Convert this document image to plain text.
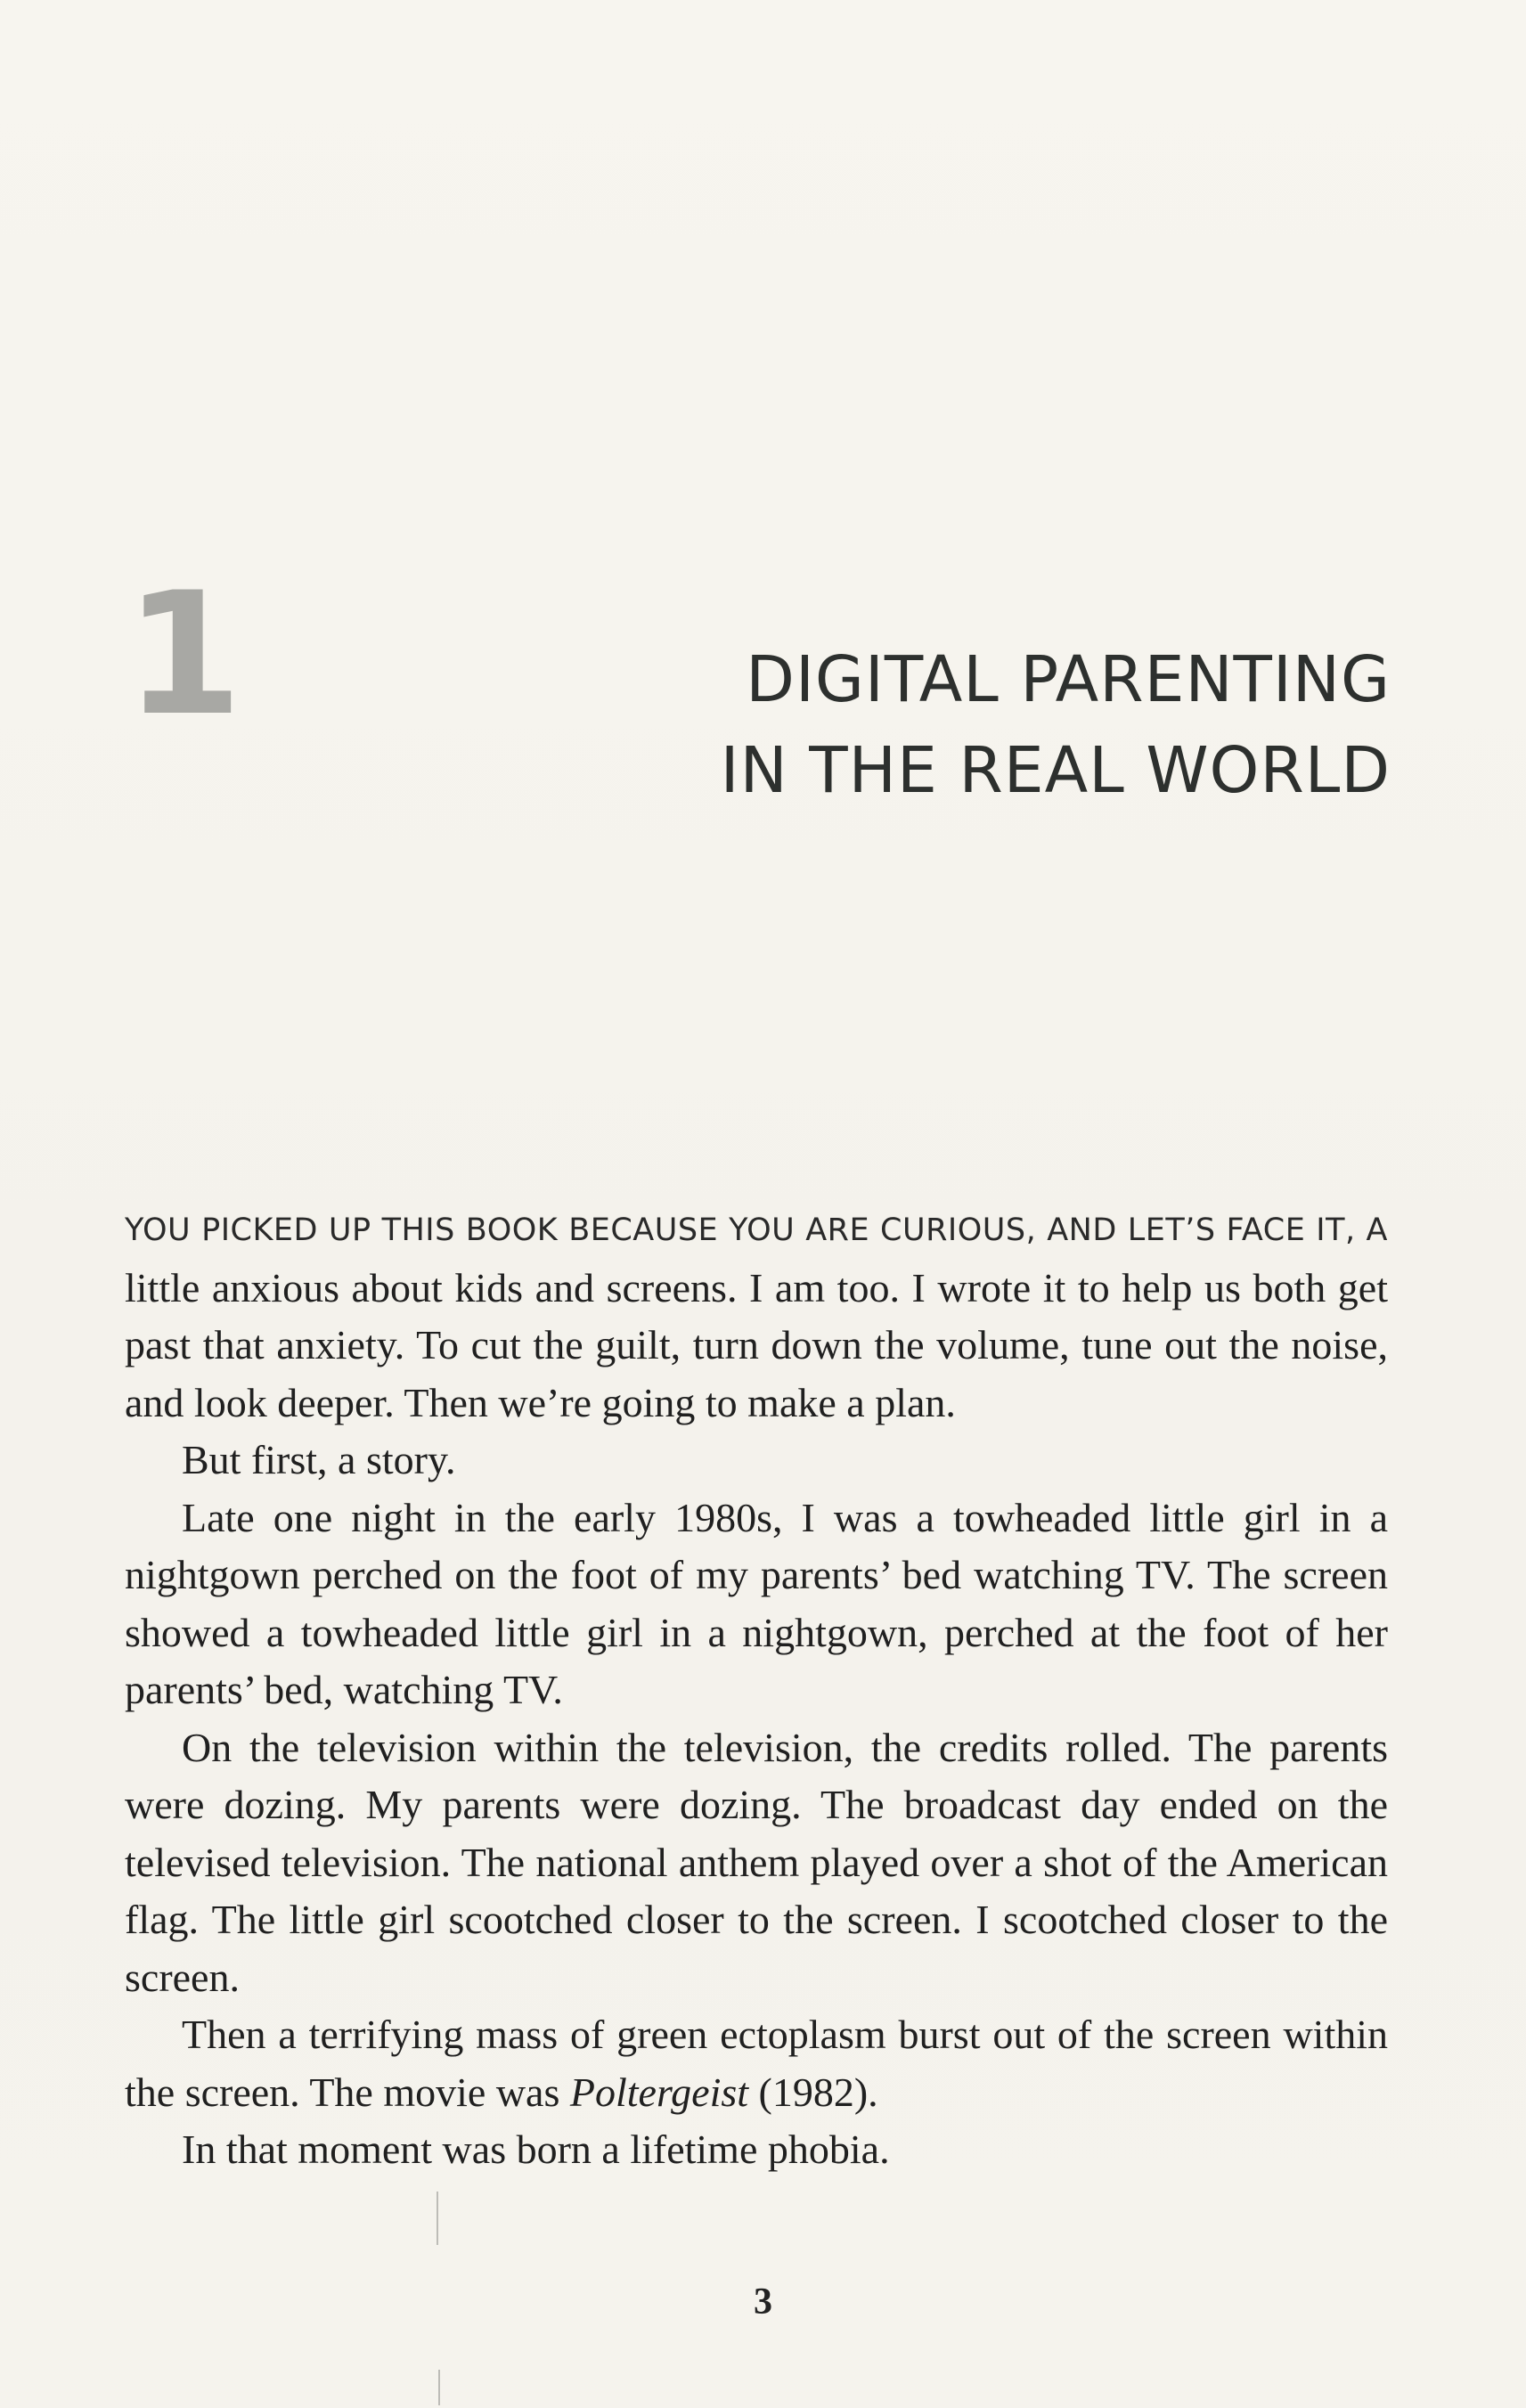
1	DIGITAL PARENTING
IN THE REAL WORLD

YOU PICKED UP THIS BOOK BECAUSE YOU ARE CURIOUS, AND LET’S FACE IT, A little anxious about kids and screens. I am too. I wrote it to help us both get past that anxiety. To cut the guilt, turn down the volume, tune out the noise, and look deeper. Then we’re going to make a plan.

But first, a story.

Late one night in the early 1980s, I was a towheaded little girl in a nightgown perched on the foot of my parents’ bed watching TV. The screen showed a towheaded little girl in a nightgown, perched at the foot of her parents’ bed, watching TV.

On the television within the television, the credits rolled. The parents were dozing. My parents were dozing. The broadcast day ended on the televised television. The national anthem played over a shot of the American flag. The little girl scootched closer to the screen. I scootched closer to the screen.

Then a terrifying mass of green ectoplasm burst out of the screen within the screen. The movie was Poltergeist (1982).

In that moment was born a lifetime phobia.

3
